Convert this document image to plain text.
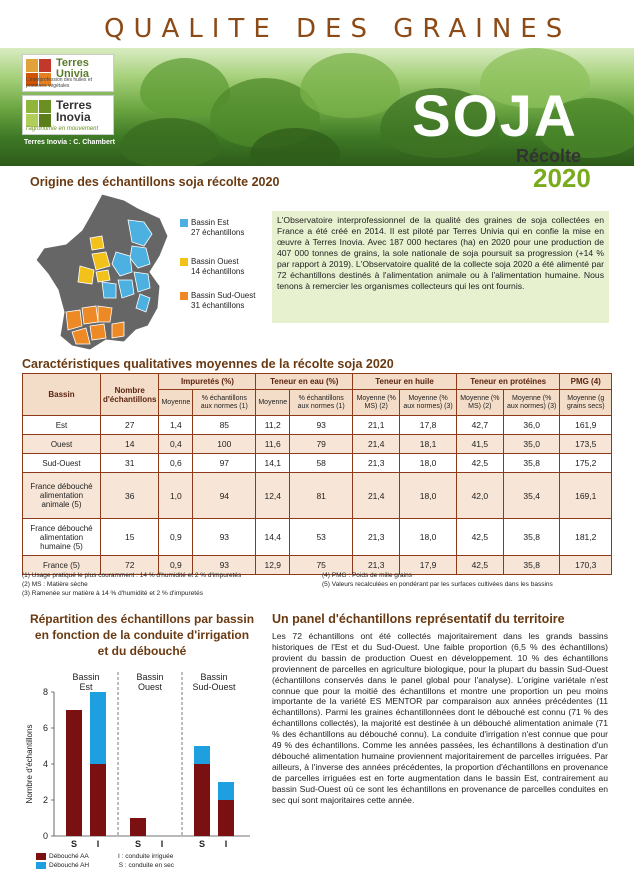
QUALITE DES GRAINES
Terres Univia
L'interprofession des huiles et protéines végétales
Terres Inovia
l'agronomie en mouvement
Terres Inovia : C. Chambert	SOJA
Récolte
2020
Origine des échantillons soja récolte 2020
Bassin Est
27 échantillons
Bassin Ouest
14 échantillons
Bassin Sud-Ouest
31 échantillons
L'Observatoire interprofessionnel de la qualité des graines de soja collectées en France a été créé en 2014. Il est piloté par Terres Univia qui en confie la mise en œuvre à Terres Inovia. Avec 187 000 hectares (ha) en 2020 pour une production de 407 000 tonnes de grains, la sole nationale de soja poursuit sa progression (+14 % par rapport à 2019). L'Observatoire qualité de la collecte soja 2020 a été alimenté par 72 échantillons destinés à l'alimentation animale ou à l'alimentation humaine. Nous tenons à remercier les organismes collecteurs qui les ont fournis.
Caractéristiques qualitatives moyennes de la récolte soja 2020
Bassin	Nombre d'échantillons	Impuretés (%)		Teneur en eau (%)		Teneur en huile		Teneur en protéines		PMG (4)
		Moyenne	% échantillons aux normes (1)	Moyenne	% échantillons aux normes (1)	Moyenne (% MS) (2)	Moyenne (% aux normes) (3)	Moyenne (% MS) (2)	Moyenne (% aux normes) (3)	Moyenne (g grains secs)
Est	27	1,4	85	11,2	93	21,1	17,8	42,7	36,0	161,9
Ouest	14	0,4	100	11,6	79	21,4	18,1	41,5	35,0	173,5
Sud-Ouest	31	0,6	97	14,1	58	21,3	18,0	42,5	35,8	175,2
France débouché alimentation animale (5)	36	1,0	94	12,4	81	21,4	18,0	42,0	35,4	169,1
France débouché alimentation humaine (5)	15	0,9	93	14,4	53	21,3	18,0	42,5	35,8	181,2
France (5)	72	0,9	93	12,9	75	21,3	17,9	42,5	35,8	170,3
(1) Usage pratiqué le plus couramment : 14 % d'humidité et 2 % d'impuretés
(2) MS : Matière sèche
(3) Ramenée sur matière à 14 % d'humidité et 2 % d'impuretés
(4) PMG : Poids de mille grains
(5) Valeurs recalculées en pondérant par les surfaces cultivées dans les bassins
Répartition des échantillons par bassin
en fonction de la conduite d'irrigation
et du débouché
0
2
4
6
8
Nombre d'échantillons
Bassin
Est
Bassin
Ouest
Bassin
Sud-Ouest
S I	S I	S I
Débouché AA	I : conduite irriguée
Débouché AH	S : conduite en sec
Un panel d'échantillons représentatif du territoire
Les 72 échantillons ont été collectés majoritairement dans les grands bassins historiques de l'Est et du Sud-Ouest. Une faible proportion (6,5 % des échantillons) provient du bassin de production Ouest en développement. 10 % des échantillons proviennent de parcelles en agriculture biologique, pour la plupart du bassin Sud-Ouest (échantillons conservés dans le panel global pour l'analyse). L'origine variétale n'est connue que pour la moitié des échantillons et montre une proportion un peu moins importante de la variété ES MENTOR par comparaison aux années précédentes (11 échantillons). Parmi les graines échantillonnées dont le débouché est connu (71 % des échantillons collectés), la majorité est destinée à un débouché alimentation animale (71 % des échantillons au débouché connu). La conduite d'irrigation n'est connue que pour 49 % des échantillons. Comme les années passées, les échantillons à destination d'un débouché alimentation humaine proviennent majoritairement de parcelles irriguées. Par ailleurs, à l'inverse des années précédentes, la proportion d'échantillons en provenance de parcelles irriguées est en forte augmentation dans le bassin Est, contrairement au bassin Sud-Ouest où ce sont les échantillons en provenance de parcelles conduites en sec qui sont majoritaires cette année.
